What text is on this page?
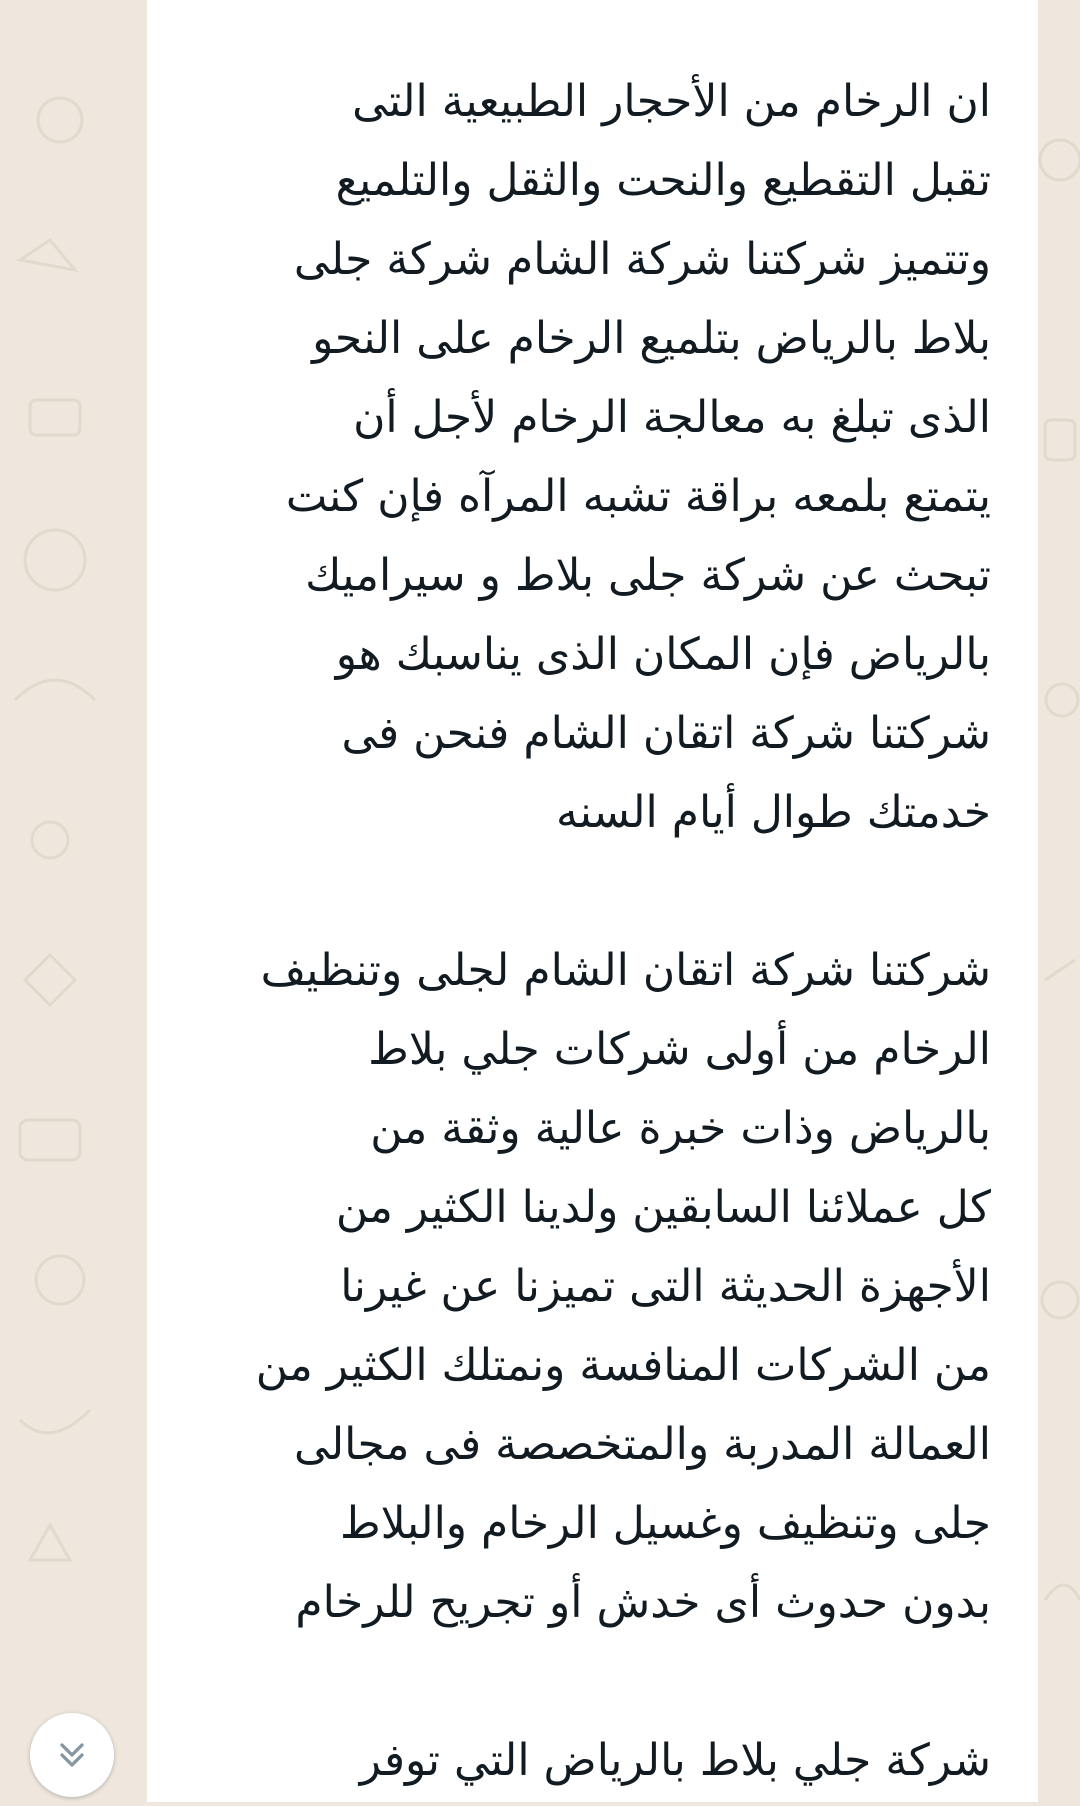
ان الرخام من الأحجار الطبيعية التى
تقبل التقطيع والنحت والثقل والتلميع
وتتميز شركتنا شركة الشام شركة جلى
بلاط بالرياض بتلميع الرخام على النحو
الذى تبلغ به معالجة الرخام لأجل أن
يتمتع بلمعه براقة تشبه المرآه فإن كنت
تبحث عن شركة جلى بلاط و سيراميك
بالرياض فإن المكان الذى يناسبك هو
شركتنا شركة اتقان الشام فنحن فى
خدمتك طوال أيام السنه

شركتنا شركة اتقان الشام لجلى وتنظيف
الرخام من أولى شركات جلي بلاط
بالرياض وذات خبرة عالية وثقة من
كل عملائنا السابقين ولدينا الكثير من
الأجهزة الحديثة التى تميزنا عن غيرنا
من الشركات المنافسة ونمتلك الكثير من
العمالة المدربة والمتخصصة فى مجالى
جلى وتنظيف وغسيل الرخام والبلاط
بدون حدوث أى خدش أو تجريح للرخام

شركة جلي بلاط بالرياض التي توفر
